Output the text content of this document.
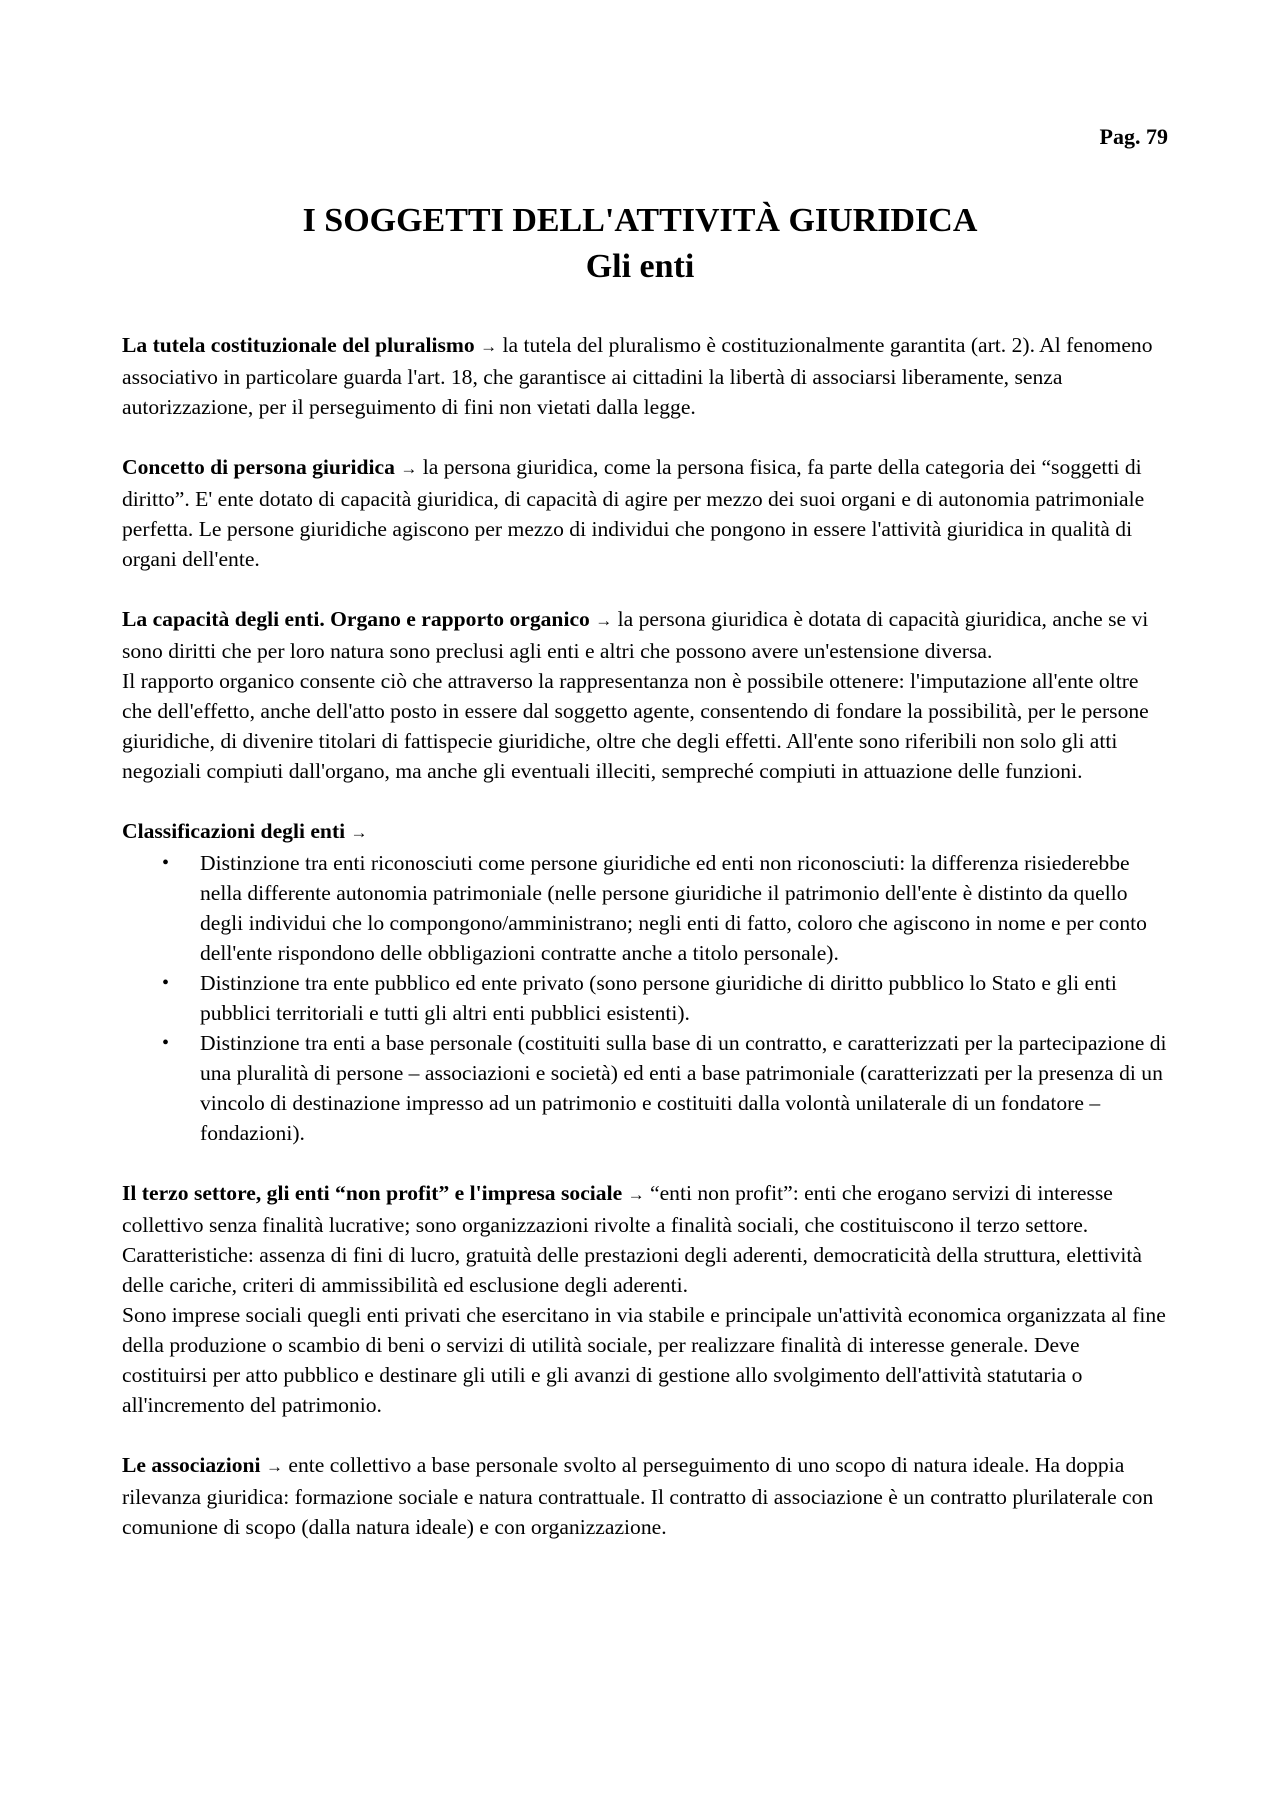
Pag. 79
I SOGGETTI DELL'ATTIVITÀ GIURIDICA
Gli enti

La tutela costituzionale del pluralismo → la tutela del pluralismo è costituzionalmente garantita (art. 2). Al fenomeno associativo in particolare guarda l'art. 18, che garantisce ai cittadini la libertà di associarsi liberamente, senza autorizzazione, per il perseguimento di fini non vietati dalla legge.

Concetto di persona giuridica → la persona giuridica, come la persona fisica, fa parte della categoria dei “soggetti di diritto”. E' ente dotato di capacità giuridica, di capacità di agire per mezzo dei suoi organi e di autonomia patrimoniale perfetta. Le persone giuridiche agiscono per mezzo di individui che pongono in essere l'attività giuridica in qualità di organi dell'ente.

La capacità degli enti. Organo e rapporto organico → la persona giuridica è dotata di capacità giuridica, anche se vi sono diritti che per loro natura sono preclusi agli enti e altri che possono avere un'estensione diversa.

Il rapporto organico consente ciò che attraverso la rappresentanza non è possibile ottenere: l'imputazione all'ente oltre che dell'effetto, anche dell'atto posto in essere dal soggetto agente, consentendo di fondare la possibilità, per le persone giuridiche, di divenire titolari di fattispecie giuridiche, oltre che degli effetti. All'ente sono riferibili non solo gli atti negoziali compiuti dall'organo, ma anche gli eventuali illeciti, sempreché compiuti in attuazione delle funzioni.

Classificazioni degli enti →

• Distinzione tra enti riconosciuti come persone giuridiche ed enti non riconosciuti: la differenza risiederebbe nella differente autonomia patrimoniale (nelle persone giuridiche il patrimonio dell'ente è distinto da quello degli individui che lo compongono/amministrano; negli enti di fatto, coloro che agiscono in nome e per conto dell'ente rispondono delle obbligazioni contratte anche a titolo personale).
• Distinzione tra ente pubblico ed ente privato (sono persone giuridiche di diritto pubblico lo Stato e gli enti pubblici territoriali e tutti gli altri enti pubblici esistenti).
• Distinzione tra enti a base personale (costituiti sulla base di un contratto, e caratterizzati per la partecipazione di una pluralità di persone – associazioni e società) ed enti a base patrimoniale (caratterizzati per la presenza di un vincolo di destinazione impresso ad un patrimonio e costituiti dalla volontà unilaterale di un fondatore – fondazioni).

Il terzo settore, gli enti “non profit” e l'impresa sociale → “enti non profit”: enti che erogano servizi di interesse collettivo senza finalità lucrative; sono organizzazioni rivolte a finalità sociali, che costituiscono il terzo settore. Caratteristiche: assenza di fini di lucro, gratuità delle prestazioni degli aderenti, democraticità della struttura, elettività delle cariche, criteri di ammissibilità ed esclusione degli aderenti.

Sono imprese sociali quegli enti privati che esercitano in via stabile e principale un'attività economica organizzata al fine della produzione o scambio di beni o servizi di utilità sociale, per realizzare finalità di interesse generale. Deve costituirsi per atto pubblico e destinare gli utili e gli avanzi di gestione allo svolgimento dell'attività statutaria o all'incremento del patrimonio.

Le associazioni → ente collettivo a base personale svolto al perseguimento di uno scopo di natura ideale. Ha doppia rilevanza giuridica: formazione sociale e natura contrattuale. Il contratto di associazione è un contratto plurilaterale con comunione di scopo (dalla natura ideale) e con organizzazione.
